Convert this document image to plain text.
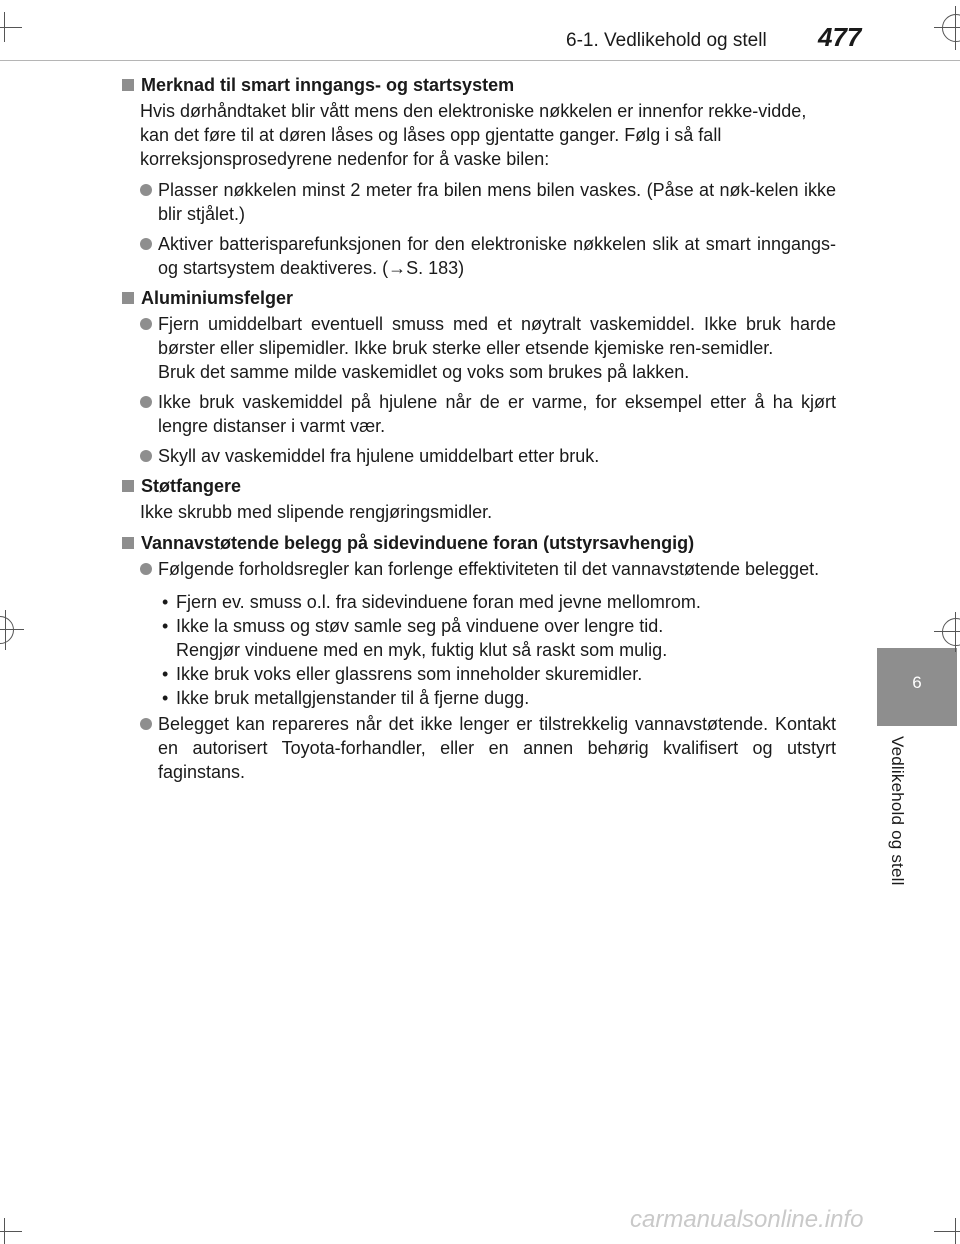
6-1. Vedlikehold og stell 477
6
Vedlikehold og stell
Merknad til smart inngangs- og startsystem
Hvis dørhåndtaket blir vått mens den elektroniske nøkkelen er innenfor rekke-vidde, kan det føre til at døren låses og låses opp gjentatte ganger. Følg i så fall korreksjonsprosedyrene nedenfor for å vaske bilen:
Plasser nøkkelen minst 2 meter fra bilen mens bilen vaskes. (Påse at nøk-kelen ikke blir stjålet.)
Aktiver batterisparefunksjonen for den elektroniske nøkkelen slik at smart inngangs- og startsystem deaktiveres. (→S. 183)
Aluminiumsfelger
Fjern umiddelbart eventuell smuss med et nøytralt vaskemiddel. Ikke bruk harde børster eller slipemidler. Ikke bruk sterke eller etsende kjemiske ren-semidler.
Bruk det samme milde vaskemidlet og voks som brukes på lakken.
Ikke bruk vaskemiddel på hjulene når de er varme, for eksempel etter å ha kjørt lengre distanser i varmt vær.
Skyll av vaskemiddel fra hjulene umiddelbart etter bruk.
Støtfangere
Ikke skrubb med slipende rengjøringsmidler.
Vannavstøtende belegg på sidevinduene foran (utstyrsavhengig)
Følgende forholdsregler kan forlenge effektiviteten til det vannavstøtende belegget.
• Fjern ev. smuss o.l. fra sidevinduene foran med jevne mellomrom.
• Ikke la smuss og støv samle seg på vinduene over lengre tid.
Rengjør vinduene med en myk, fuktig klut så raskt som mulig.
• Ikke bruk voks eller glassrens som inneholder skuremidler.
• Ikke bruk metallgjenstander til å fjerne dugg.
Belegget kan repareres når det ikke lenger er tilstrekkelig vannavstøtende. Kontakt en autorisert Toyota-forhandler, eller en annen behørig kvalifisert og utstyrt faginstans.
carmanualsonline.info
